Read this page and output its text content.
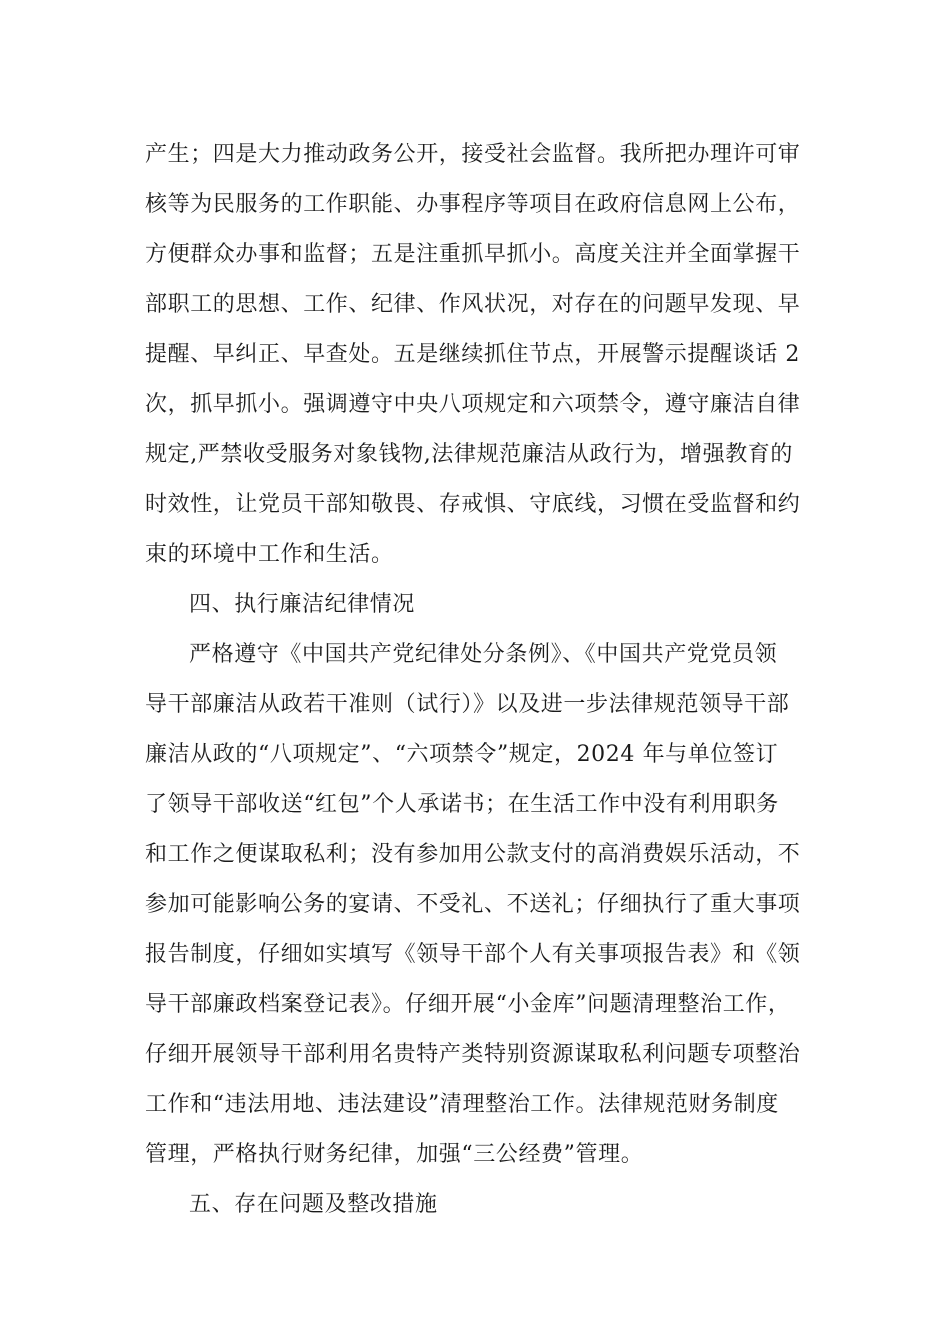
产生；四是大力推动政务公开，接受社会监督。我所把办理许可审
核等为民服务的工作职能、办事程序等项目在政府信息网上公布，
方便群众办事和监督；五是注重抓早抓小。高度关注并全面掌握干
部职工的思想、工作、纪律、作风状况，对存在的问题早发现、早
提醒、早纠正、早查处。五是继续抓住节点，开展警示提醒谈话 2
次，抓早抓小。强调遵守中央八项规定和六项禁令，遵守廉洁自律
规定,严禁收受服务对象钱物,法律规范廉洁从政行为，增强教育的
时效性，让党员干部知敬畏、存戒惧、守底线，习惯在受监督和约
束的环境中工作和生活。
四、执行廉洁纪律情况
严格遵守《中国共产党纪律处分条例》、《中国共产党党员领
导干部廉洁从政若干准则（试行）》以及进一步法律规范领导干部
廉洁从政的“八项规定”、“六项禁令”规定，2024 年与单位签订
了领导干部收送“红包”个人承诺书；在生活工作中没有利用职务
和工作之便谋取私利；没有参加用公款支付的高消费娱乐活动，不
参加可能影响公务的宴请、不受礼、不送礼；仔细执行了重大事项
报告制度，仔细如实填写《领导干部个人有关事项报告表》和《领
导干部廉政档案登记表》。仔细开展“小金库”问题清理整治工作，
仔细开展领导干部利用名贵特产类特别资源谋取私利问题专项整治
工作和“违法用地、违法建设”清理整治工作。法律规范财务制度
管理，严格执行财务纪律，加强“三公经费”管理。
五、存在问题及整改措施
